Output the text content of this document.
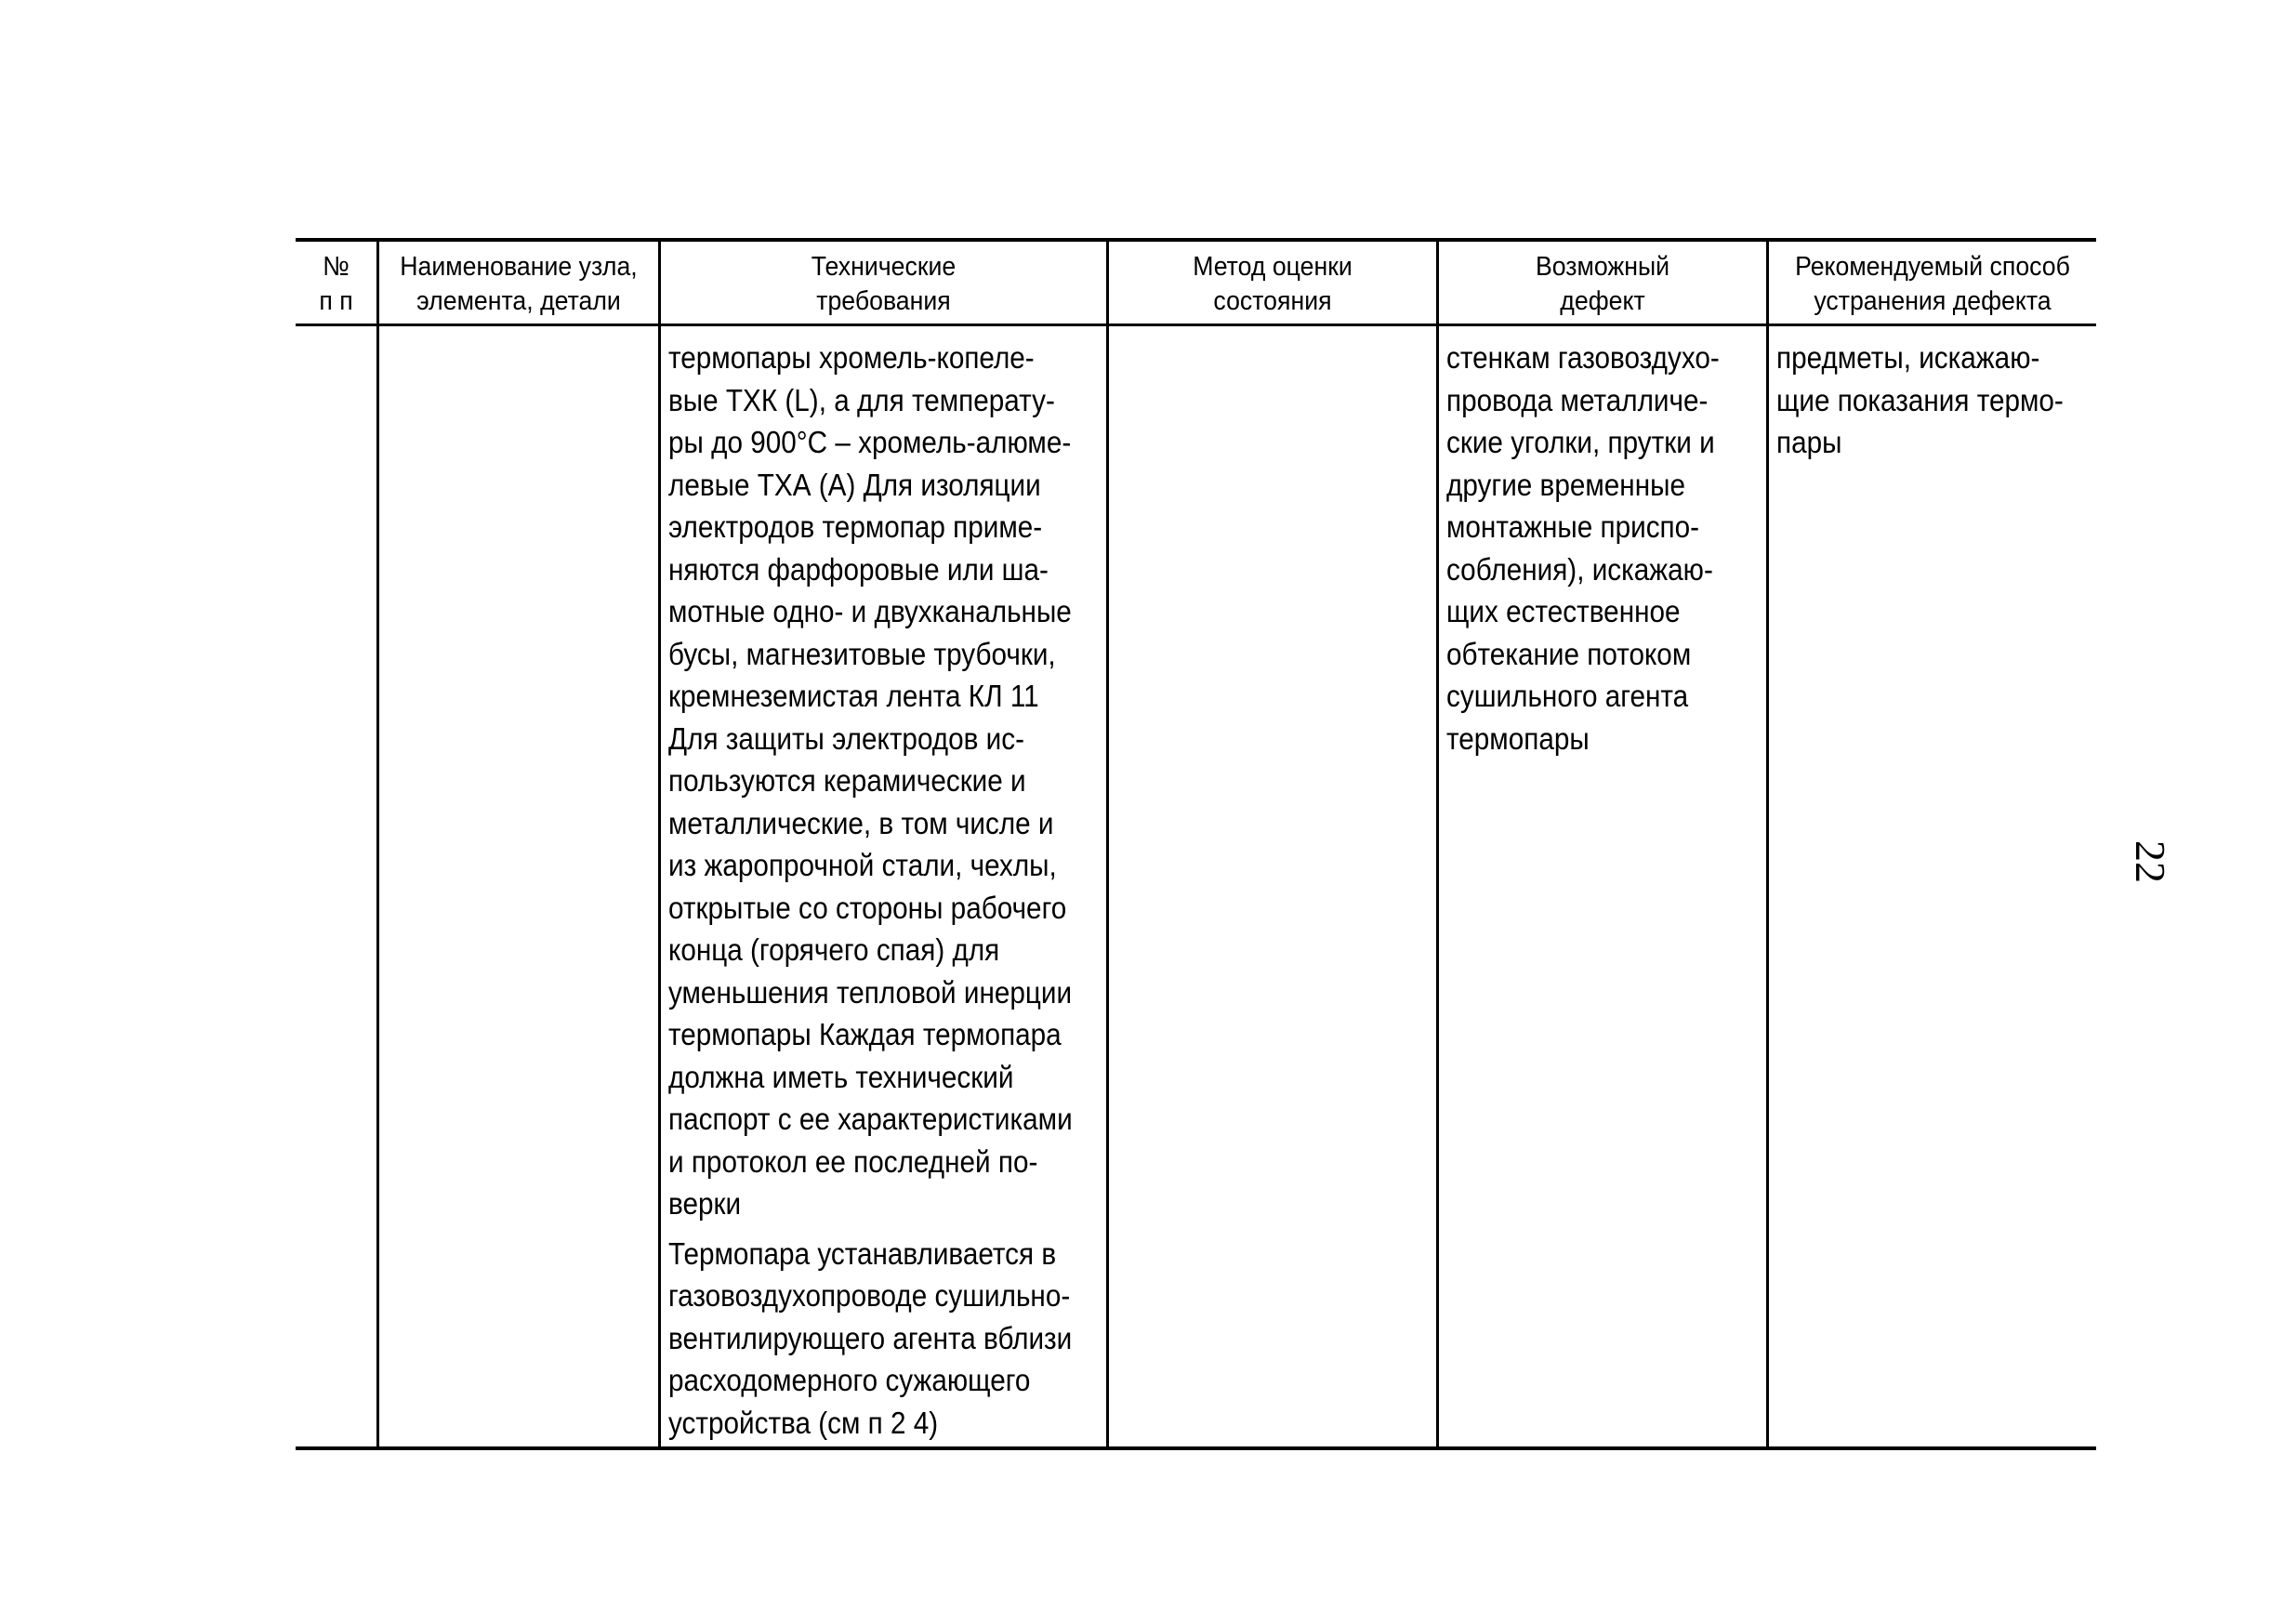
№
п п
Наименование узла,
элемента, детали
Технические
требования
Метод оценки
состояния
Возможный
дефект
Рекомендуемый способ
устранения дефекта
термопары хромель-копеле-
вые ТХК (L), а для температу-
ры до 900°С – хромель-алюме-
левые ТХА (А) Для изоляции
электродов термопар приме-
няются фарфоровые или ша-
мотные одно- и двухканальные
бусы, магнезитовые трубочки,
кремнеземистая лента КЛ 11
Для защиты электродов ис-
пользуются керамические и
металлические, в том числе и
из жаропрочной стали, чехлы,
открытые со стороны рабочего
конца (горячего спая) для
уменьшения тепловой инерции
термопары Каждая термопара
должна иметь технический
паспорт с ее характеристиками
и протокол ее последней по-
верки
Термопара устанавливается в
газовоздухопроводе сушильно-
вентилирующего агента вблизи
расходомерного сужающего
устройства (см п 2 4)
стенкам газовоздухо-
провода металличе-
ские уголки, прутки и
другие временные
монтажные приспо-
собления), искажаю-
щих естественное
обтекание потоком
сушильного агента
термопары
предметы, искажаю-
щие показания термо-
пары
22
